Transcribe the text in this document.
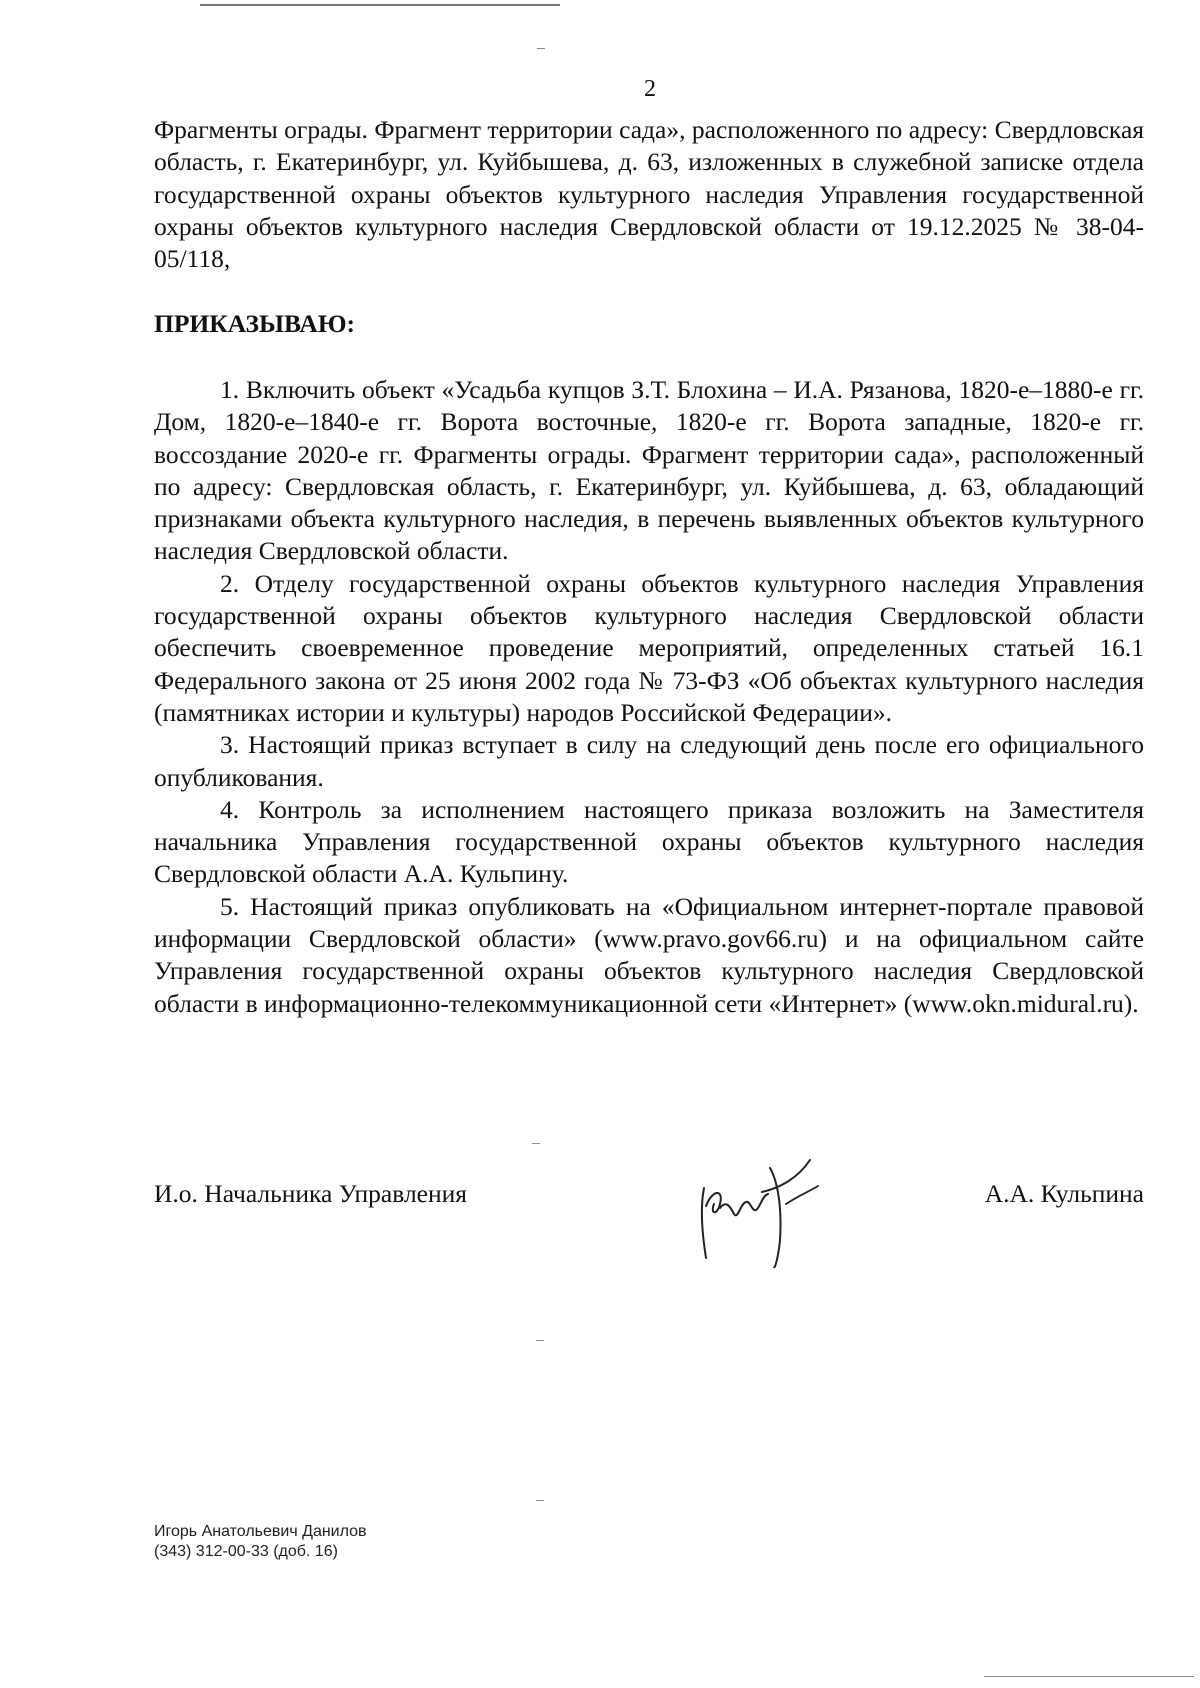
2

Фрагменты ограды. Фрагмент территории сада», расположенного по адресу: Свердловская область, г. Екатеринбург, ул. Куйбышева, д. 63, изложенных в служебной записке отдела государственной охраны объектов культурного наследия Управления государственной охраны объектов культурного наследия Свердловской области от 19.12.2025 № 38-04-05/118,

ПРИКАЗЫВАЮ:

1. Включить объект «Усадьба купцов З.Т. Блохина – И.А. Рязанова, 1820-е–1880-е гг. Дом, 1820-е–1840-е гг. Ворота восточные, 1820-е гг. Ворота западные, 1820-е гг. воссоздание 2020-е гг. Фрагменты ограды. Фрагмент территории сада», расположенный по адресу: Свердловская область, г. Екатеринбург, ул. Куйбышева, д. 63, обладающий признаками объекта культурного наследия, в перечень выявленных объектов культурного наследия Свердловской области.

2. Отделу государственной охраны объектов культурного наследия Управления государственной охраны объектов культурного наследия Свердловской области обеспечить своевременное проведение мероприятий, определенных статьей 16.1 Федерального закона от 25 июня 2002 года № 73-ФЗ «Об объектах культурного наследия (памятниках истории и культуры) народов Российской Федерации».

3. Настоящий приказ вступает в силу на следующий день после его официального опубликования.

4. Контроль за исполнением настоящего приказа возложить на Заместителя начальника Управления государственной охраны объектов культурного наследия Свердловской области А.А. Кульпину.

5. Настоящий приказ опубликовать на «Официальном интернет-портале правовой информации Свердловской области» (www.pravo.gov66.ru) и на официальном сайте Управления государственной охраны объектов культурного наследия Свердловской области в информационно-телекоммуникационной сети «Интернет» (www.okn.midural.ru).

И.о. Начальника Управления	А.А. Кульпина
Игорь Анатольевич Данилов
(343) 312-00-33 (доб. 16)
